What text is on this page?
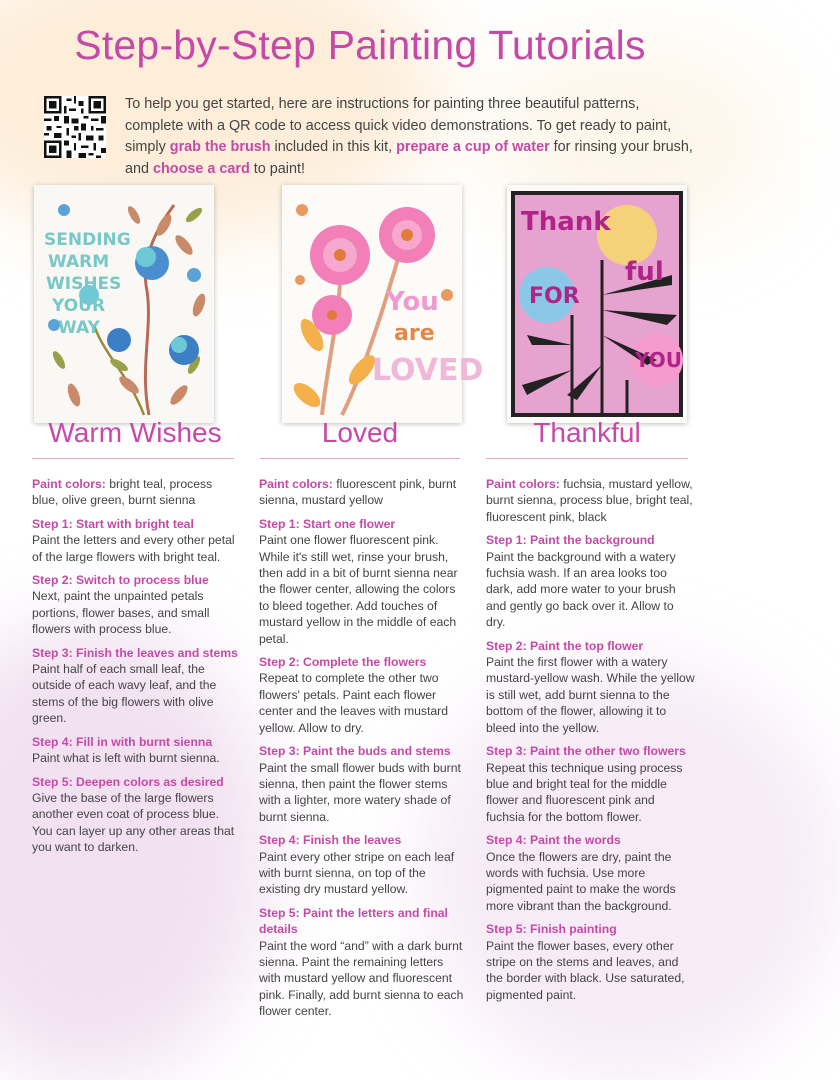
Step-by-Step Painting Tutorials
To help you get started, here are instructions for painting three beautiful patterns, complete with a QR code to access quick video demonstrations. To get ready to paint, simply grab the brush included in this kit, prepare a cup of water for rinsing your brush, and choose a card to paint!
SENDING
WARM
WISHES
YOUR
WAY
You
are
LOVED
Thank
ful
FOR
YOU
Warm Wishes	Loved	Thankful

Paint colors: bright teal, process blue, olive green, burnt sienna

Step 1: Start with bright teal
Paint the letters and every other petal of the large flowers with bright teal.

Step 2: Switch to process blue
Next, paint the unpainted petals portions, flower bases, and small flowers with process blue.

Step 3: Finish the leaves and stems
Paint half of each small leaf, the outside of each wavy leaf, and the stems of the big flowers with olive green.

Step 4: Fill in with burnt sienna
Paint what is left with burnt sienna.

Step 5: Deepen colors as desired
Give the base of the large flowers another even coat of process blue. You can layer up any other areas that you want to darken.

Paint colors: fluorescent pink, burnt sienna, mustard yellow

Step 1: Start one flower
Paint one flower fluorescent pink. While it's still wet, rinse your brush, then add in a bit of burnt sienna near the flower center, allowing the colors to bleed together. Add touches of mustard yellow in the middle of each petal.

Step 2: Complete the flowers
Repeat to complete the other two flowers' petals. Paint each flower center and the leaves with mustard yellow. Allow to dry.

Step 3: Paint the buds and stems
Paint the small flower buds with burnt sienna, then paint the flower stems with a lighter, more watery shade of burnt sienna.

Step 4: Finish the leaves
Paint every other stripe on each leaf with burnt sienna, on top of the existing dry mustard yellow.

Step 5: Paint the letters and final details
Paint the word “and” with a dark burnt sienna. Paint the remaining letters with mustard yellow and fluorescent pink. Finally, add burnt sienna to each flower center.

Paint colors: fuchsia, mustard yellow, burnt sienna, process blue, bright teal, fluorescent pink, black

Step 1: Paint the background
Paint the background with a watery fuchsia wash. If an area looks too dark, add more water to your brush and gently go back over it. Allow to dry.

Step 2: Paint the top flower
Paint the first flower with a watery mustard-yellow wash. While the yellow is still wet, add burnt sienna to the bottom of the flower, allowing it to bleed into the yellow.

Step 3: Paint the other two flowers
Repeat this technique using process blue and bright teal for the middle flower and fluorescent pink and fuchsia for the bottom flower.

Step 4: Paint the words
Once the flowers are dry, paint the words with fuchsia. Use more pigmented paint to make the words more vibrant than the background.

Step 5: Finish painting
Paint the flower bases, every other stripe on the stems and leaves, and the border with black. Use saturated, pigmented paint.
